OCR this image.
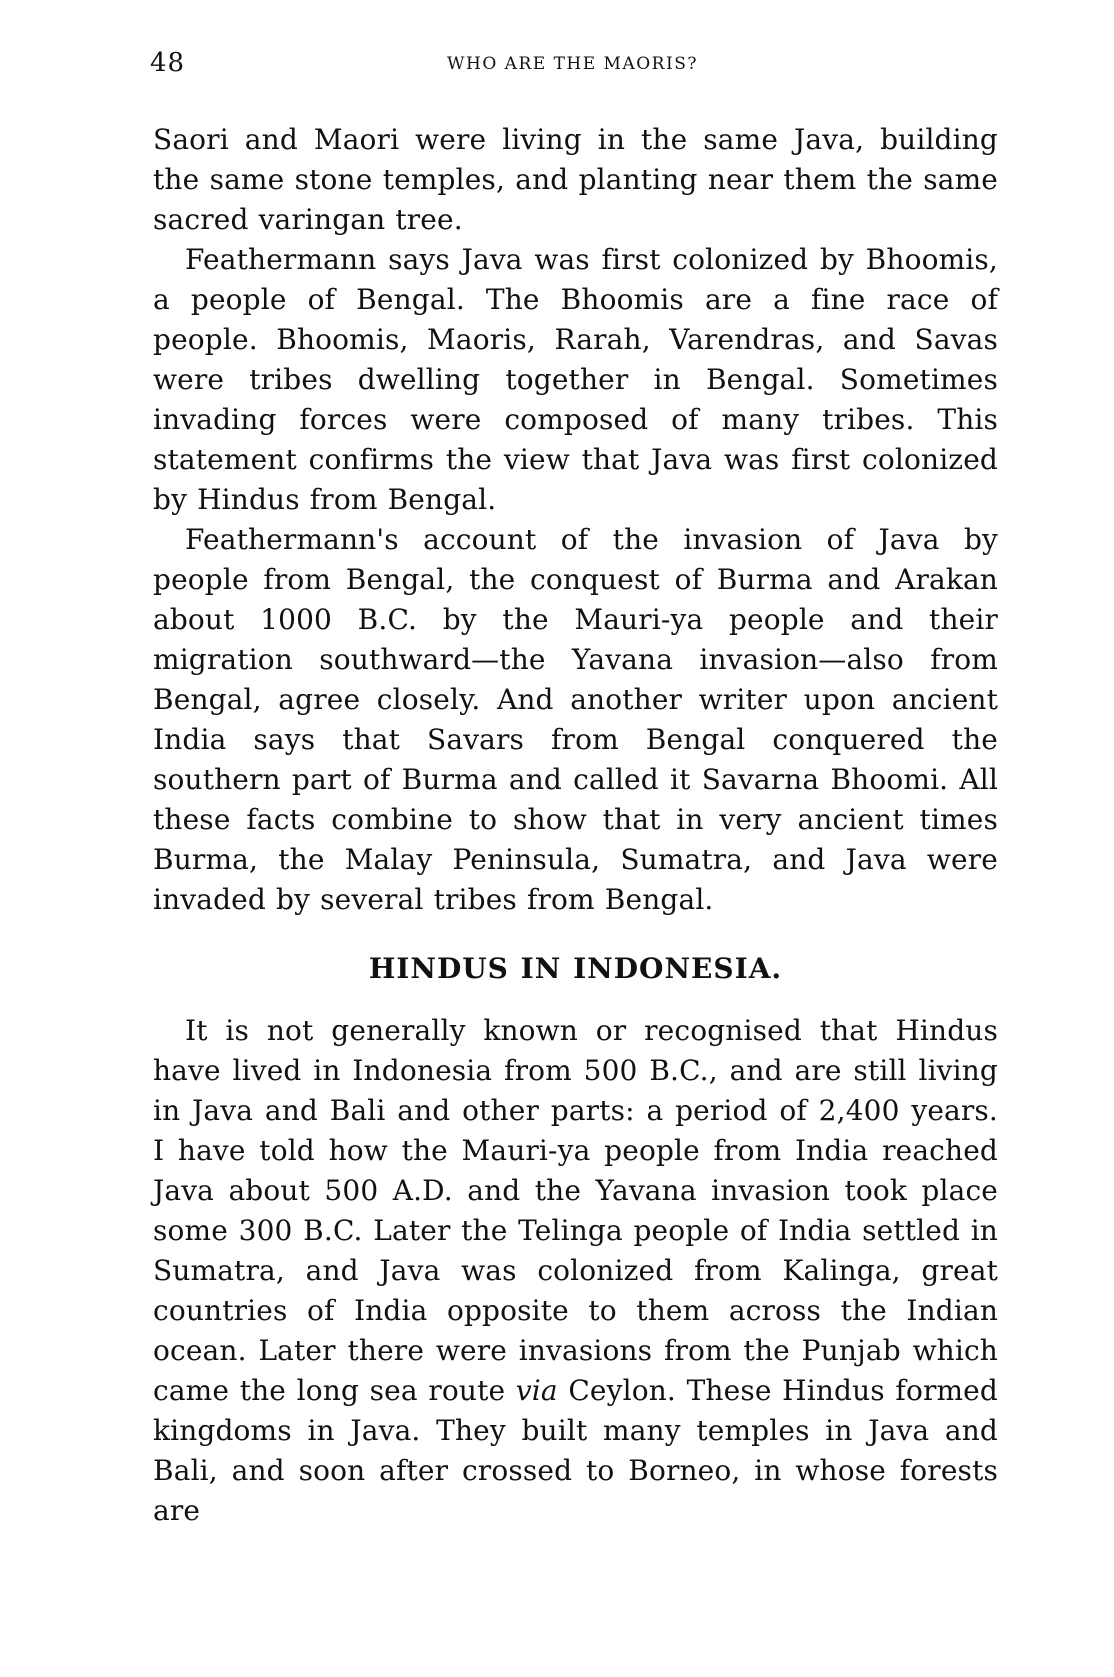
48	WHO ARE THE MAORIS?

Saori and Maori were living in the same Java, building the same stone temples, and planting near them the same sacred varingan tree.

Feathermann says Java was first colonized by Bhoomis, a people of Bengal. The Bhoomis are a fine race of people. Bhoomis, Maoris, Rarah, Varendras, and Savas were tribes dwelling together in Bengal. Sometimes invading forces were composed of many tribes. This statement confirms the view that Java was first colonized by Hindus from Bengal.

Feathermann's account of the invasion of Java by people from Bengal, the conquest of Burma and Arakan about 1000 B.C. by the Mauri-ya people and their migration southward—the Yavana invasion—also from Bengal, agree closely. And another writer upon ancient India says that Savars from Bengal conquered the southern part of Burma and called it Savarna Bhoomi. All these facts combine to show that in very ancient times Burma, the Malay Peninsula, Sumatra, and Java were invaded by several tribes from Bengal.

HINDUS IN INDONESIA.

It is not generally known or recognised that Hindus have lived in Indonesia from 500 B.C., and are still living in Java and Bali and other parts: a period of 2,400 years. I have told how the Mauri-ya people from India reached Java about 500 A.D. and the Yavana invasion took place some 300 B.C. Later the Telinga people of India settled in Sumatra, and Java was colonized from Kalinga, great countries of India opposite to them across the Indian ocean. Later there were invasions from the Punjab which came the long sea route via Ceylon. These Hindus formed kingdoms in Java. They built many temples in Java and Bali, and soon after crossed to Borneo, in whose forests are
